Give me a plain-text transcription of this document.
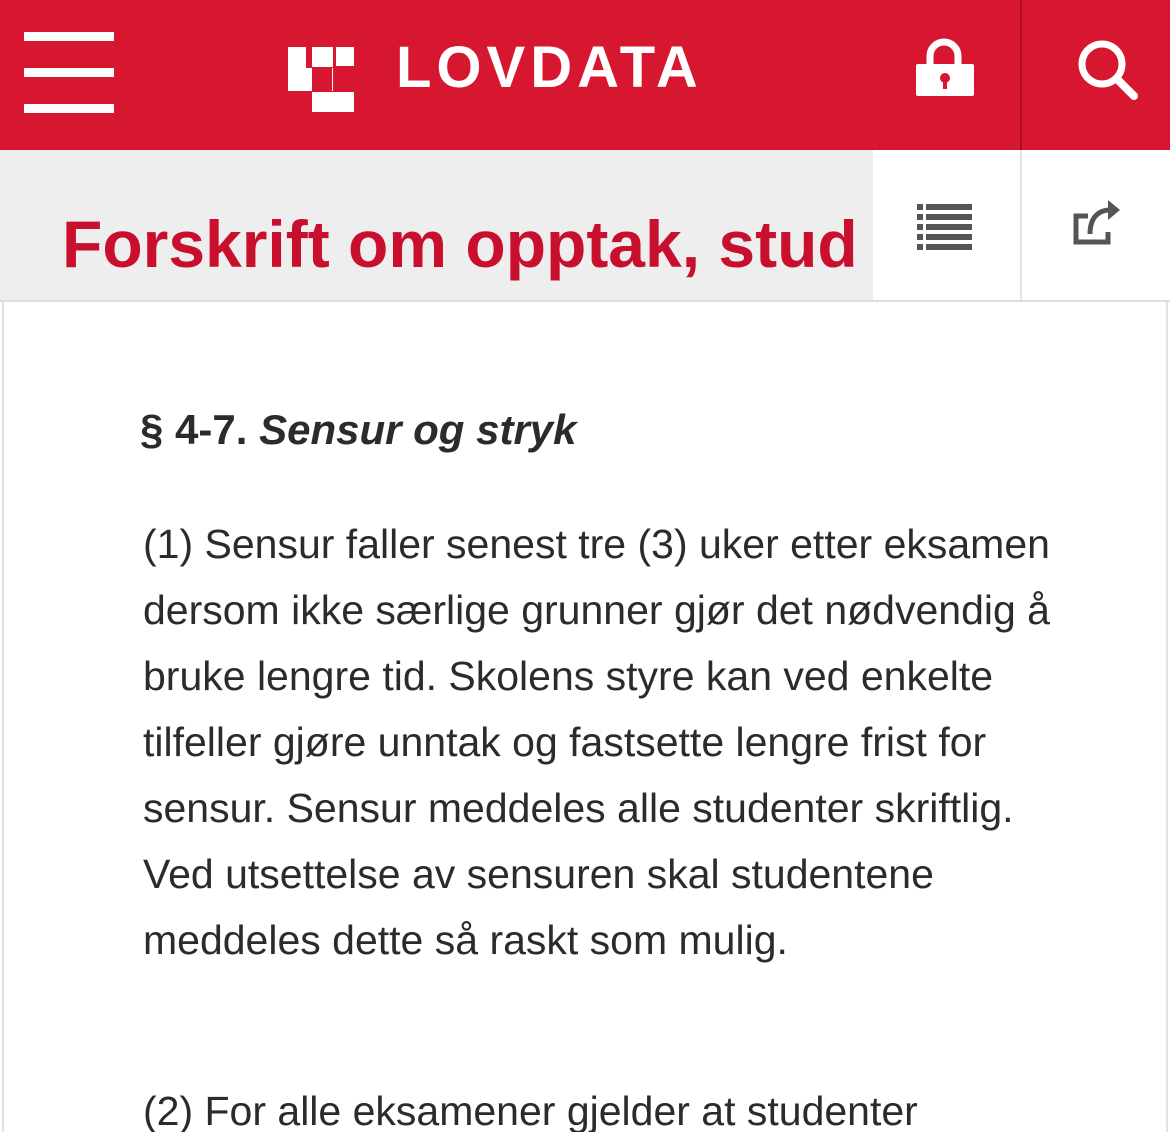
LOVDATA
Forskrift om opptak, stud
§ 4-7. Sensur og stryk

(1) Sensur faller senest tre (3) uker etter eksamen dersom ikke særlige grunner gjør det nødvendig å bruke lengre tid. Skolens styre kan ved enkelte tilfeller gjøre unntak og fastsette lengre frist for sensur. Sensur meddeles alle studenter skriftlig. Ved utsettelse av sensuren skal studentene meddeles dette så raskt som mulig.

(2) For alle eksamener gjelder at studenter
